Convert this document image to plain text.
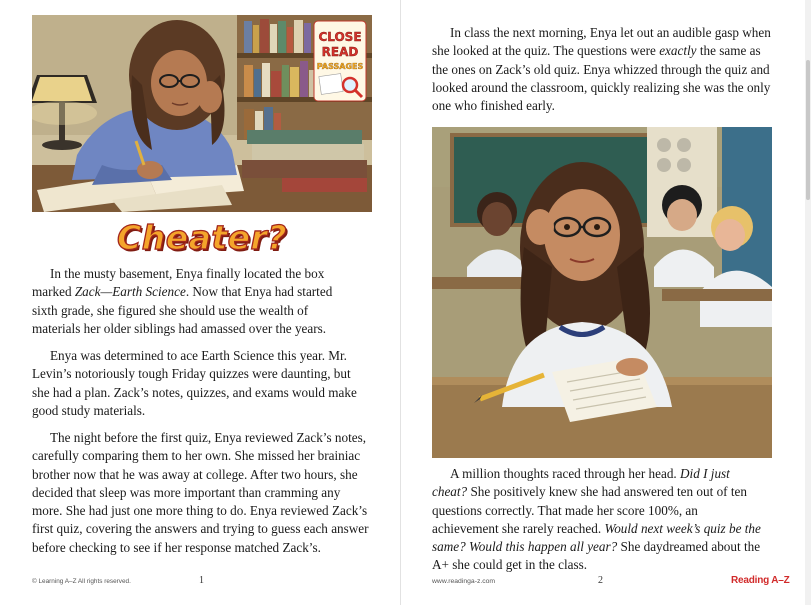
CLOSE
READ
PASSAGES
Cheater?

In the musty basement, Enya finally located the box marked Zack—Earth Science. Now that Enya had started sixth grade, she figured she should use the wealth of materials her older siblings had amassed over the years.

Enya was determined to ace Earth Science this year. Mr. Levin’s notoriously tough Friday quizzes were daunting, but she had a plan. Zack’s notes, quizzes, and exams would make good study materials.

The night before the first quiz, Enya reviewed Zack’s notes, carefully comparing them to her own. She missed her brainiac brother now that he was away at college. After two hours, she decided that sleep was more important than cramming any more. She had just one more thing to do. Enya reviewed Zack’s first quiz, covering the answers and trying to guess each answer before checking to see if her response matched Zack’s.

In class the next morning, Enya let out an audible gasp when she looked at the quiz. The questions were exactly the same as the ones on Zack’s old quiz. Enya whizzed through the quiz and looked around the classroom, quickly realizing she was the only one who finished early.

A million thoughts raced through her head. Did I just cheat? She positively knew she had answered ten out of ten questions correctly. That made her score 100%, an achievement she rarely reached. Would next week’s quiz be the same? Would this happen all year? She daydreamed about the A+ she could get in the class.

© Learning A–Z All rights reserved.	1	www.readinga-z.com	2	Reading A–Z
